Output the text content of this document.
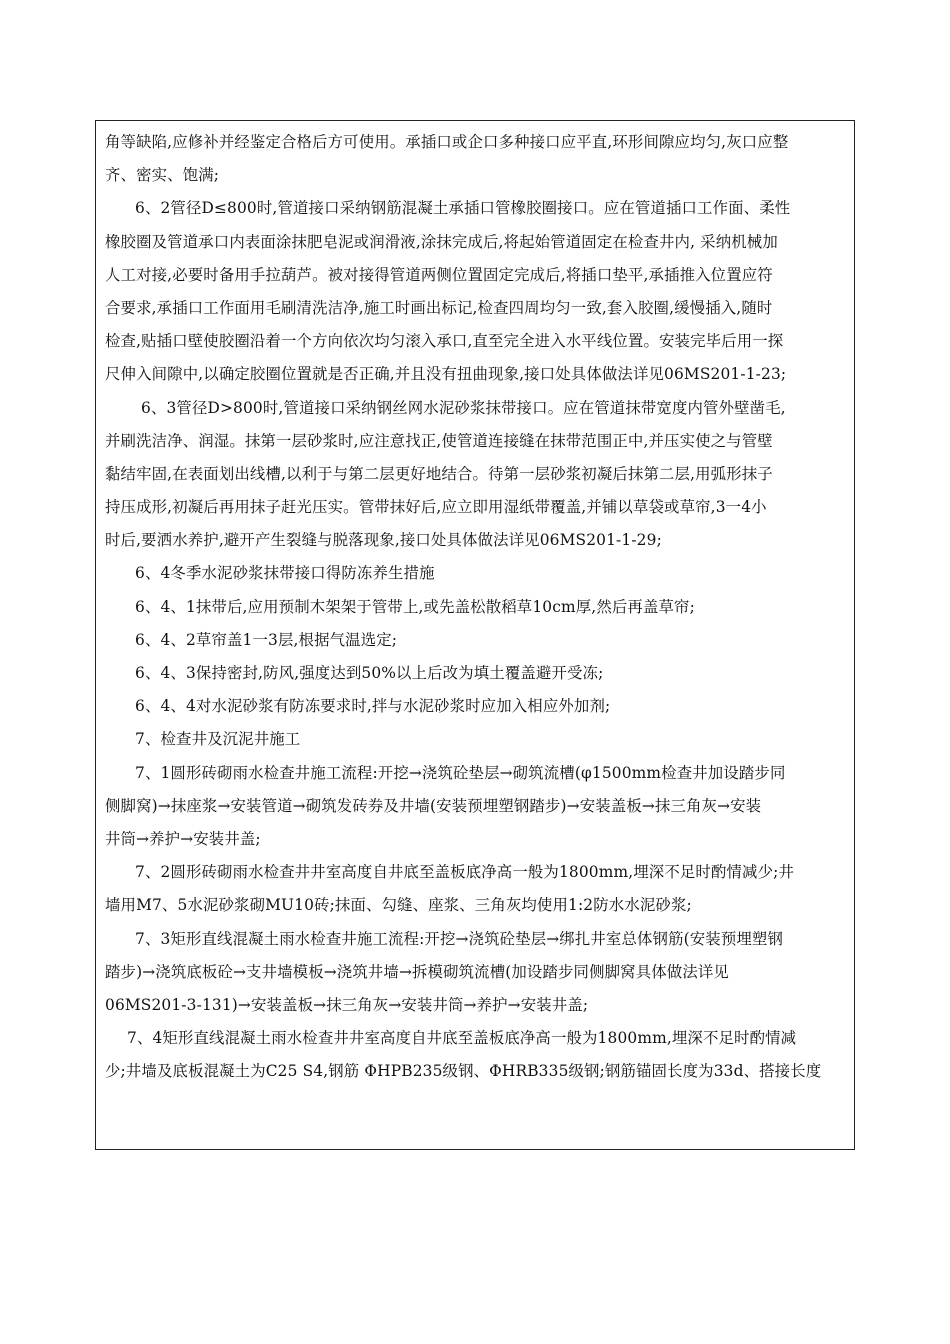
角等缺陷,应修补并经鉴定合格后方可使用。承插口或企口多种接口应平直,环形间隙应均匀,灰口应整
齐、密实、饱满;
6、2管径D≤800时,管道接口采纳钢筋混凝土承插口管橡胶圈接口。应在管道插口工作面、柔性
橡胶圈及管道承口内表面涂抹肥皂泥或润滑液,涂抹完成后,将起始管道固定在检查井内, 采纳机械加
人工对接,必要时备用手拉葫芦。被对接得管道两侧位置固定完成后,将插口垫平,承插推入位置应符
合要求,承插口工作面用毛刷清洗洁净,施工时画出标记,检查四周均匀一致,套入胶圈,缓慢插入,随时
检查,贴插口壁使胶圈沿着一个方向依次均匀滚入承口,直至完全进入水平线位置。安装完毕后用一探
尺伸入间隙中,以确定胶圈位置就是否正确,并且没有扭曲现象,接口处具体做法详见06MS201-1-23;
6、3管径D>800时,管道接口采纳钢丝网水泥砂浆抹带接口。应在管道抹带宽度内管外壁凿毛,
并刷洗洁净、润湿。抹第一层砂浆时,应注意找正,使管道连接缝在抹带范围正中,并压实使之与管壁
黏结牢固,在表面划出线槽,以利于与第二层更好地结合。待第一层砂浆初凝后抹第二层,用弧形抹子
持压成形,初凝后再用抹子赶光压实。管带抹好后,应立即用湿纸带覆盖,并铺以草袋或草帘,3一4小
时后,要洒水养护,避开产生裂缝与脱落现象,接口处具体做法详见06MS201-1-29;
6、4冬季水泥砂浆抹带接口得防冻养生措施
6、4、1抹带后,应用预制木架架于管带上,或先盖松散稻草10cm厚,然后再盖草帘;
6、4、2草帘盖1一3层,根据气温选定;
6、4、3保持密封,防风,强度达到50%以上后改为填土覆盖避开受冻;
6、4、4对水泥砂浆有防冻要求时,拌与水泥砂浆时应加入相应外加剂;
7、检查井及沉泥井施工
7、1圆形砖砌雨水检查井施工流程:开挖→浇筑砼垫层→砌筑流槽(φ1500mm检查井加设踏步同
侧脚窝)→抹座浆→安装管道→砌筑发砖券及井墙(安装预埋塑钢踏步)→安装盖板→抹三角灰→安装
井筒→养护→安装井盖;
7、2圆形砖砌雨水检查井井室高度自井底至盖板底净高一般为1800mm,埋深不足时酌情减少;井
墙用M7、5水泥砂浆砌MU10砖;抹面、勾缝、座浆、三角灰均使用1:2防水水泥砂浆;
7、3矩形直线混凝土雨水检查井施工流程:开挖→浇筑砼垫层→绑扎井室总体钢筋(安装预埋塑钢
踏步)→浇筑底板砼→支井墙模板→浇筑井墙→拆模砌筑流槽(加设踏步同侧脚窝具体做法详见
06MS201-3-131)→安装盖板→抹三角灰→安装井筒→养护→安装井盖;
7、4矩形直线混凝土雨水检查井井室高度自井底至盖板底净高一般为1800mm,埋深不足时酌情减
少;井墙及底板混凝土为C25 S4,钢筋 ΦHPB235级钢、ΦHRB335级钢;钢筋锚固长度为33d、搭接长度
